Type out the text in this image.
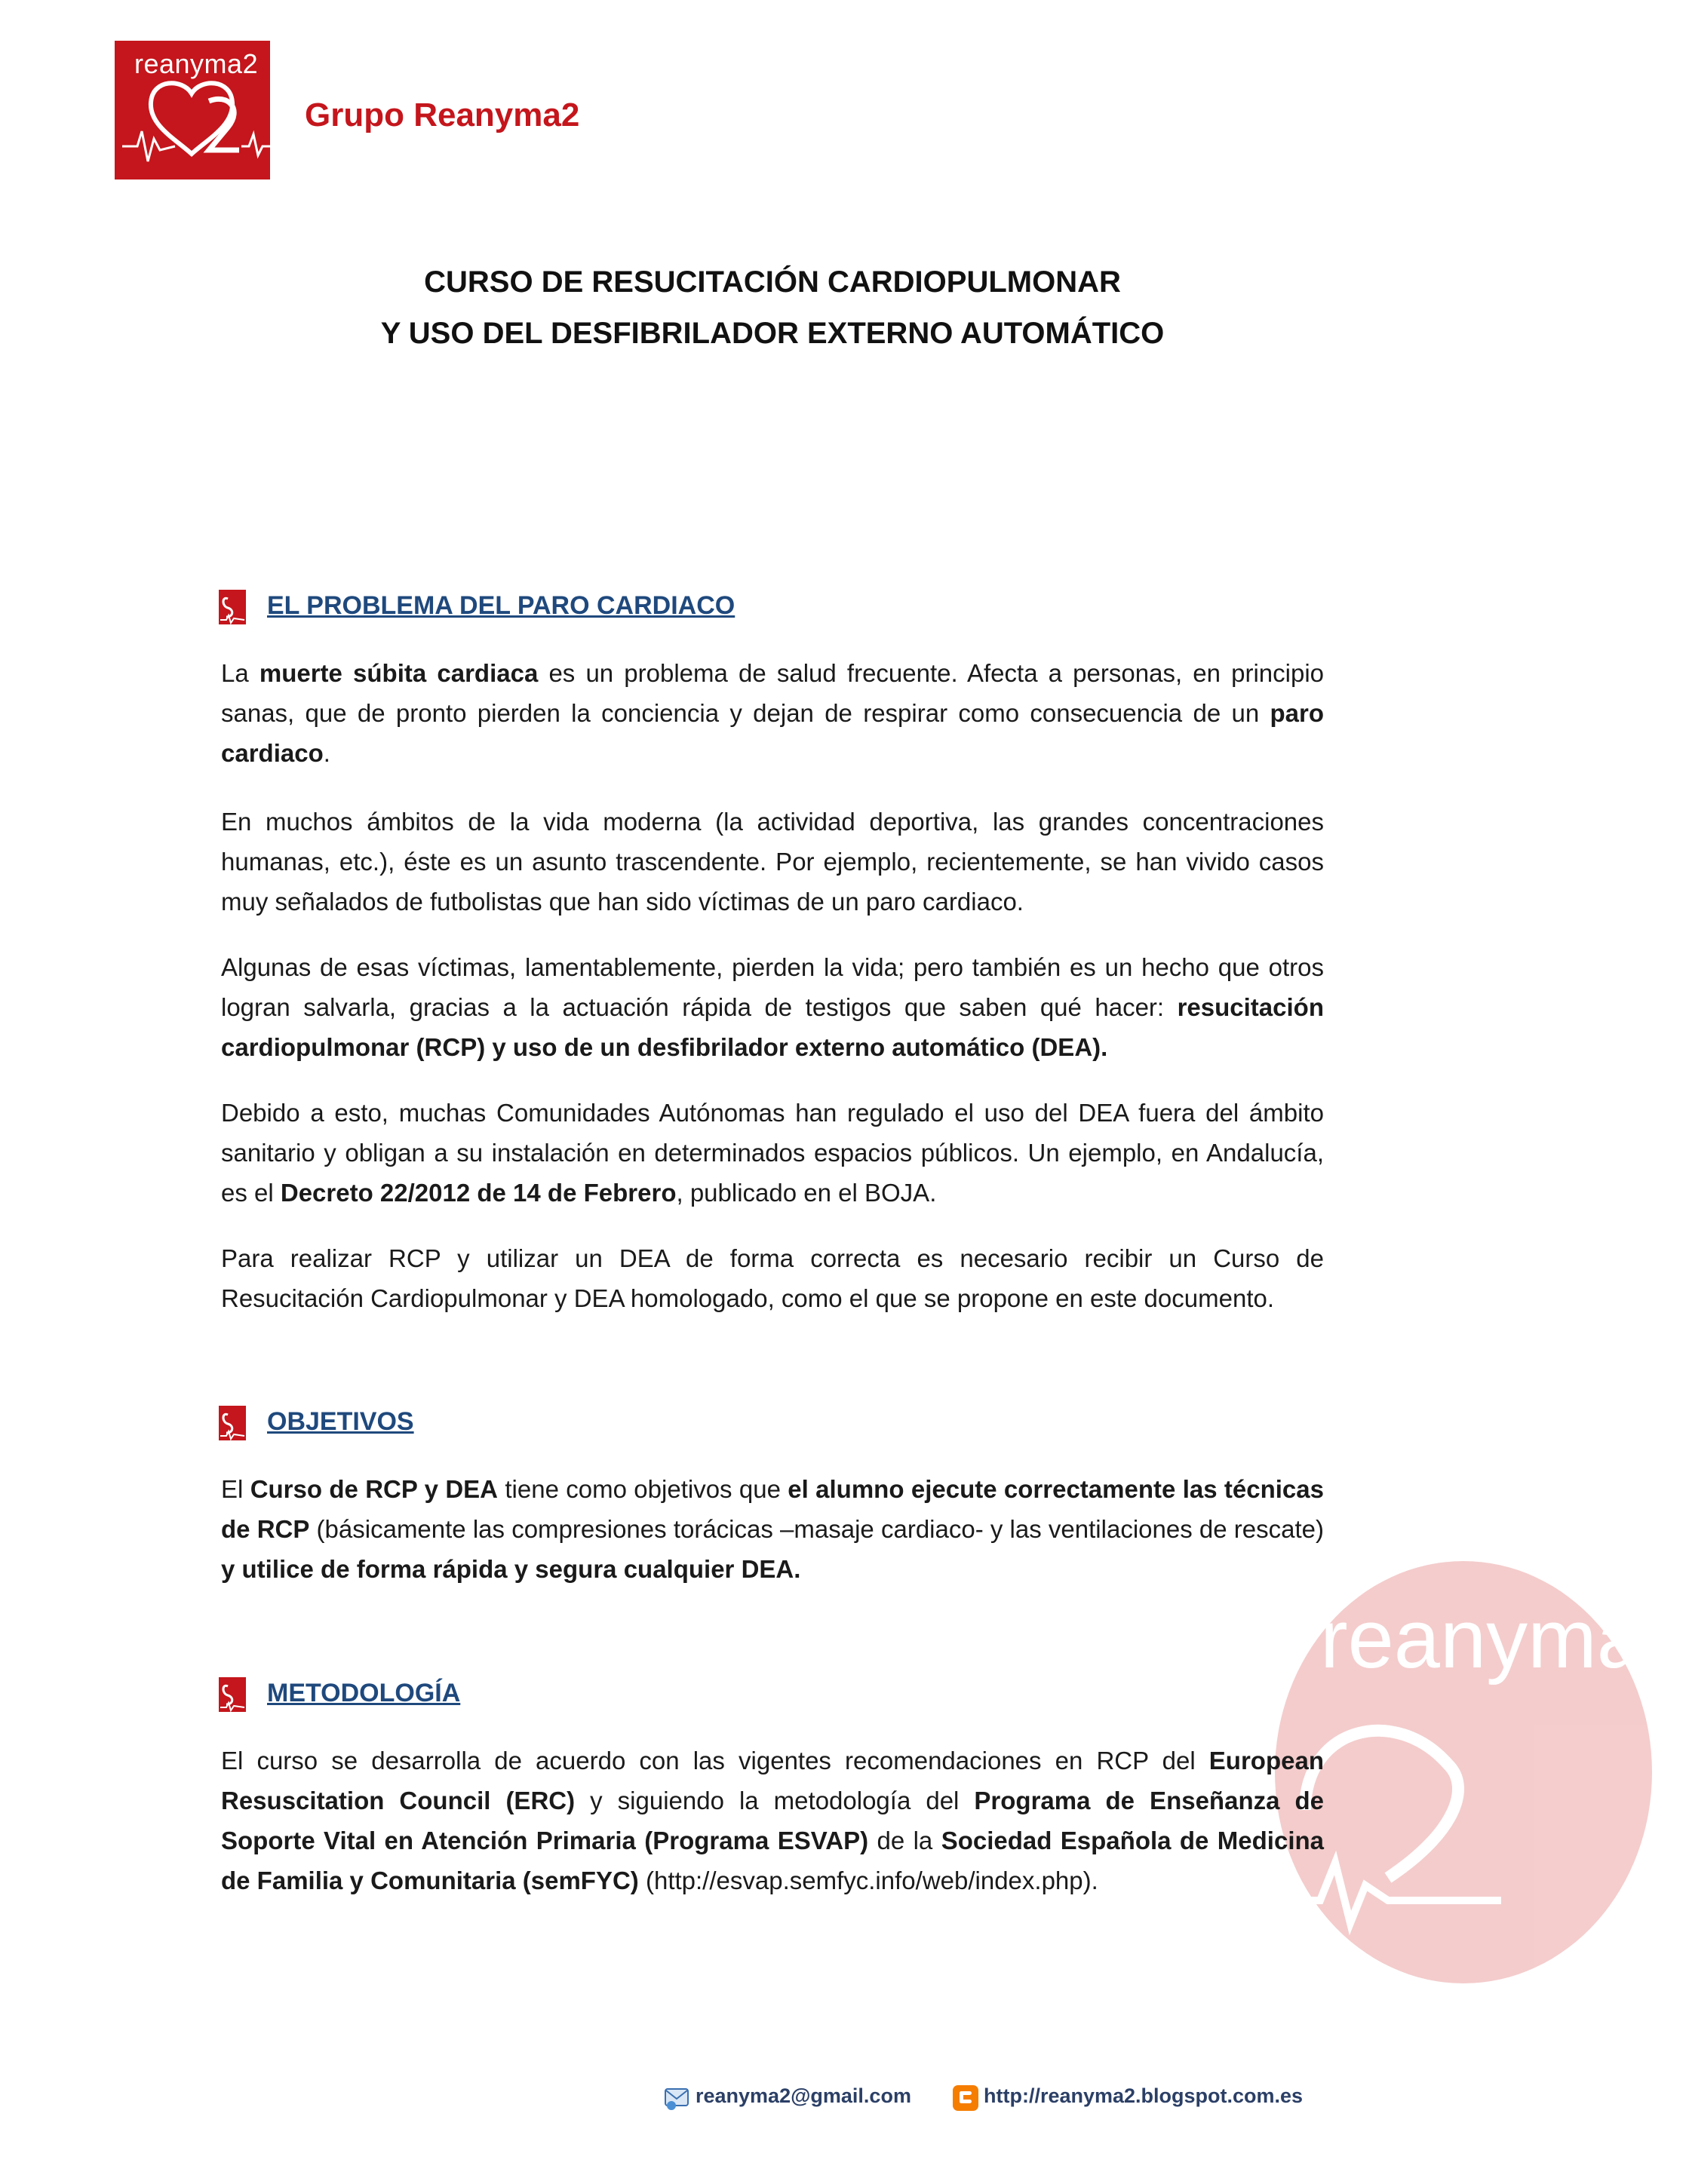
reanyma2
reanyma2
Grupo Reanyma2
CURSO DE RESUCITACIÓN CARDIOPULMONAR
Y USO DEL DESFIBRILADOR EXTERNO AUTOMÁTICO
EL PROBLEMA DEL PARO CARDIACO
La muerte súbita cardiaca es un problema de salud frecuente. Afecta a personas, en principio sanas, que de pronto pierden la conciencia y dejan de respirar como consecuencia de un paro cardiaco.
En muchos ámbitos de la vida moderna (la actividad deportiva, las grandes concentraciones humanas, etc.), éste es un asunto trascendente. Por ejemplo, recientemente, se han vivido casos muy señalados de futbolistas que han sido víctimas de un paro cardiaco.
Algunas de esas víctimas, lamentablemente, pierden la vida; pero también es un hecho que otros logran salvarla, gracias a la actuación rápida de testigos que saben qué hacer: resucitación cardiopulmonar (RCP) y uso de un desfibrilador externo automático (DEA).
Debido a esto, muchas Comunidades Autónomas han regulado el uso del DEA fuera del ámbito sanitario y obligan a su instalación en determinados espacios públicos. Un ejemplo, en Andalucía, es el Decreto 22/2012 de 14 de Febrero, publicado en el BOJA.
Para realizar RCP y utilizar un DEA de forma correcta es necesario recibir un Curso de Resucitación Cardiopulmonar y DEA homologado, como el que se propone en este documento.
OBJETIVOS
El Curso de RCP y DEA tiene como objetivos que el alumno ejecute correctamente las técnicas de RCP (básicamente las compresiones torácicas –masaje cardiaco- y las ventilaciones de rescate) y utilice de forma rápida y segura cualquier DEA.
METODOLOGÍA
El curso se desarrolla de acuerdo con las vigentes recomendaciones en RCP del European Resuscitation Council (ERC) y siguiendo la metodología del Programa de Enseñanza de Soporte Vital en Atención Primaria (Programa ESVAP) de la Sociedad Española de Medicina de Familia y Comunitaria (semFYC) (http://esvap.semfyc.info/web/index.php).
reanyma2@gmail.com	http://reanyma2.blogspot.com.es
